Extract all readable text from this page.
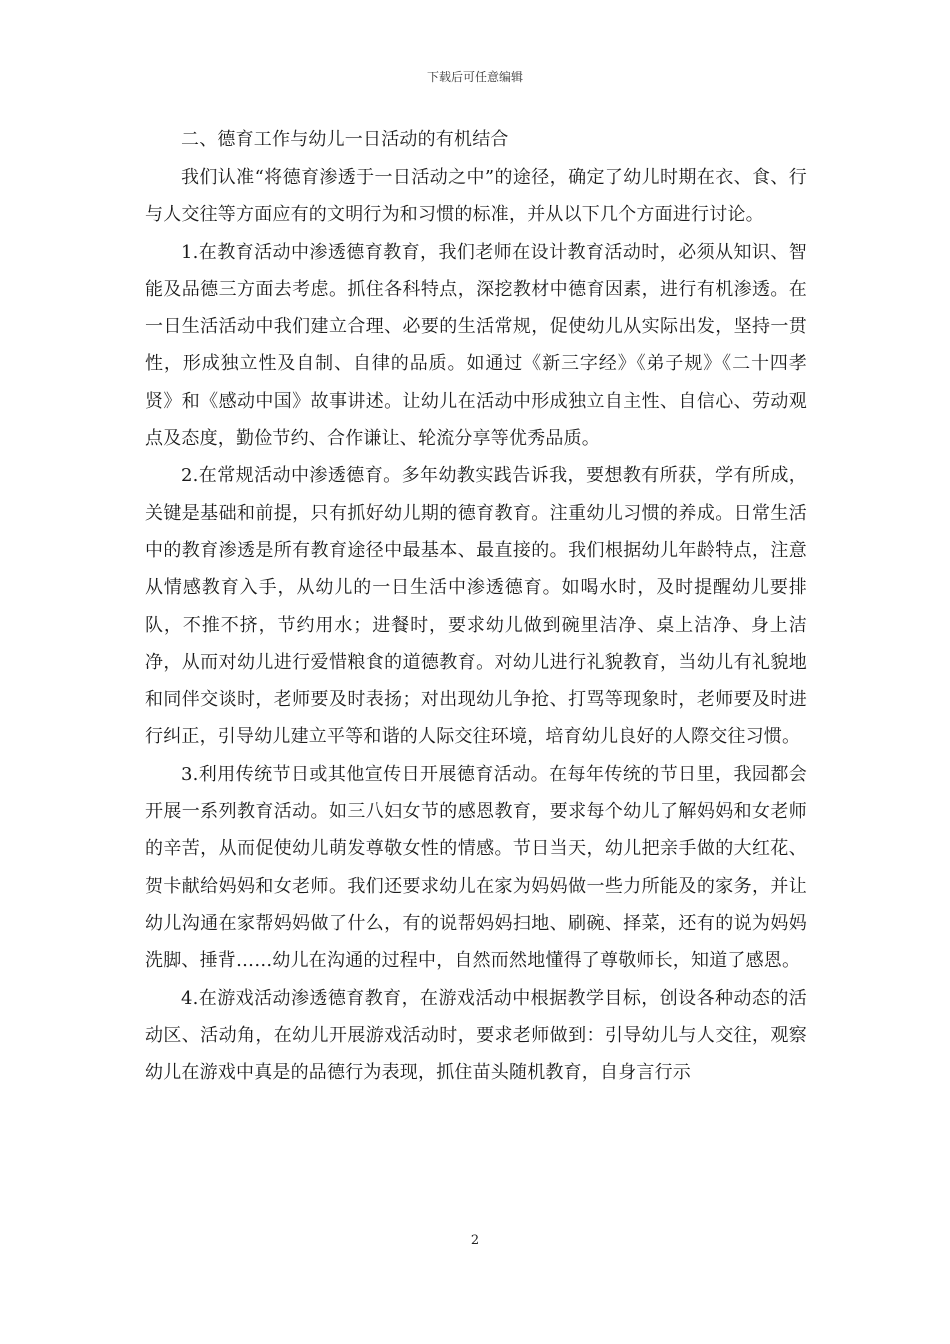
下载后可任意编辑

二、德育工作与幼儿一日活动的有机结合

我们认准“将德育渗透于一日活动之中”的途径，确定了幼儿时期在衣、食、行与人交往等方面应有的文明行为和习惯的标准，并从以下几个方面进行讨论。

1.在教育活动中渗透德育教育，我们老师在设计教育活动时，必须从知识、智能及品德三方面去考虑。抓住各科特点，深挖教材中德育因素，进行有机渗透。在一日生活活动中我们建立合理、必要的生活常规，促使幼儿从实际出发，坚持一贯性，形成独立性及自制、自律的品质。如通过《新三字经》《弟子规》《二十四孝贤》和《感动中国》故事讲述。让幼儿在活动中形成独立自主性、自信心、劳动观点及态度，勤俭节约、合作谦让、轮流分享等优秀品质。

2.在常规活动中渗透德育。多年幼教实践告诉我，要想教有所获，学有所成，关键是基础和前提，只有抓好幼儿期的德育教育。注重幼儿习惯的养成。日常生活中的教育渗透是所有教育途径中最基本、最直接的。我们根据幼儿年龄特点，注意从情感教育入手，从幼儿的一日生活中渗透德育。如喝水时，及时提醒幼儿要排队，不推不挤，节约用水；进餐时，要求幼儿做到碗里洁净、桌上洁净、身上洁净，从而对幼儿进行爱惜粮食的道德教育。对幼儿进行礼貌教育，当幼儿有礼貌地和同伴交谈时，老师要及时表扬；对出现幼儿争抢、打骂等现象时，老师要及时进行纠正，引导幼儿建立平等和谐的人际交往环境，培育幼儿良好的人際交往习惯。

3.利用传统节日或其他宣传日开展德育活动。在每年传统的节日里，我园都会开展一系列教育活动。如三八妇女节的感恩教育，要求每个幼儿了解妈妈和女老师的辛苦，从而促使幼儿萌发尊敬女性的情感。节日当天，幼儿把亲手做的大红花、贺卡献给妈妈和女老师。我们还要求幼儿在家为妈妈做一些力所能及的家务，并让幼儿沟通在家帮妈妈做了什么，有的说帮妈妈扫地、刷碗、择菜，还有的说为妈妈洗脚、捶背……幼儿在沟通的过程中，自然而然地懂得了尊敬师长，知道了感恩。

4.在游戏活动渗透德育教育，在游戏活动中根据教学目标，创设各种动态的活动区、活动角，在幼儿开展游戏活动时，要求老师做到：引导幼儿与人交往，观察幼儿在游戏中真是的品德行为表现，抓住苗头随机教育，自身言行示

2
